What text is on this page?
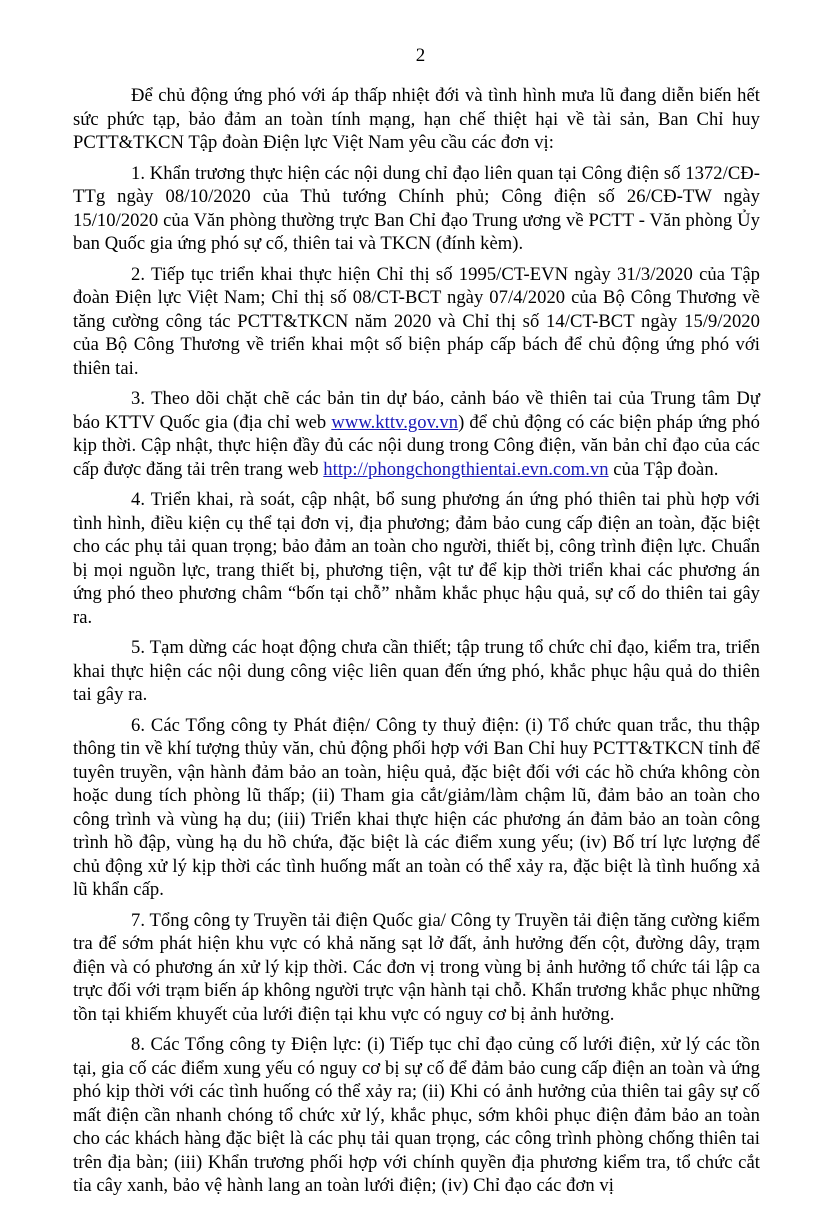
2

Để chủ động ứng phó với áp thấp nhiệt đới và tình hình mưa lũ đang diễn biến hết sức phức tạp, bảo đảm an toàn tính mạng, hạn chế thiệt hại về tài sản, Ban Chỉ huy PCTT&TKCN Tập đoàn Điện lực Việt Nam yêu cầu các đơn vị:

1. Khẩn trương thực hiện các nội dung chỉ đạo liên quan tại Công điện số 1372/CĐ-TTg ngày 08/10/2020 của Thủ tướng Chính phủ; Công điện số 26/CĐ-TW ngày 15/10/2020 của Văn phòng thường trực Ban Chỉ đạo Trung ương về PCTT - Văn phòng Ủy ban Quốc gia ứng phó sự cố, thiên tai và TKCN (đính kèm).

2. Tiếp tục triển khai thực hiện Chỉ thị số 1995/CT-EVN ngày 31/3/2020 của Tập đoàn Điện lực Việt Nam; Chỉ thị số 08/CT-BCT ngày 07/4/2020 của Bộ Công Thương về tăng cường công tác PCTT&TKCN năm 2020 và Chỉ thị số 14/CT-BCT ngày 15/9/2020 của Bộ Công Thương về triển khai một số biện pháp cấp bách để chủ động ứng phó với thiên tai.

3. Theo dõi chặt chẽ các bản tin dự báo, cảnh báo về thiên tai của Trung tâm Dự báo KTTV Quốc gia (địa chỉ web www.kttv.gov.vn) để chủ động có các biện pháp ứng phó kịp thời. Cập nhật, thực hiện đầy đủ các nội dung trong Công điện, văn bản chỉ đạo của các cấp được đăng tải trên trang web http://phongchongthientai.evn.com.vn của Tập đoàn.

4. Triển khai, rà soát, cập nhật, bổ sung phương án ứng phó thiên tai phù hợp với tình hình, điều kiện cụ thể tại đơn vị, địa phương; đảm bảo cung cấp điện an toàn, đặc biệt cho các phụ tải quan trọng; bảo đảm an toàn cho người, thiết bị, công trình điện lực. Chuẩn bị mọi nguồn lực, trang thiết bị, phương tiện, vật tư để kịp thời triển khai các phương án ứng phó theo phương châm “bốn tại chỗ” nhằm khắc phục hậu quả, sự cố do thiên tai gây ra.

5. Tạm dừng các hoạt động chưa cần thiết; tập trung tổ chức chỉ đạo, kiểm tra, triển khai thực hiện các nội dung công việc liên quan đến ứng phó, khắc phục hậu quả do thiên tai gây ra.

6. Các Tổng công ty Phát điện/ Công ty thuỷ điện: (i) Tổ chức quan trắc, thu thập thông tin về khí tượng thủy văn, chủ động phối hợp với Ban Chỉ huy PCTT&TKCN tỉnh để tuyên truyền, vận hành đảm bảo an toàn, hiệu quả, đặc biệt đối với các hồ chứa không còn hoặc dung tích phòng lũ thấp; (ii) Tham gia cắt/giảm/làm chậm lũ, đảm bảo an toàn cho công trình và vùng hạ du; (iii) Triển khai thực hiện các phương án đảm bảo an toàn công trình hồ đập, vùng hạ du hồ chứa, đặc biệt là các điểm xung yếu; (iv) Bố trí lực lượng để chủ động xử lý kịp thời các tình huống mất an toàn có thể xảy ra, đặc biệt là tình huống xả lũ khẩn cấp.

7. Tổng công ty Truyền tải điện Quốc gia/ Công ty Truyền tải điện tăng cường kiểm tra để sớm phát hiện khu vực có khả năng sạt lở đất, ảnh hưởng đến cột, đường dây, trạm điện và có phương án xử lý kịp thời. Các đơn vị trong vùng bị ảnh hưởng tổ chức tái lập ca trực đối với trạm biến áp không người trực vận hành tại chỗ. Khẩn trương khắc phục những tồn tại khiếm khuyết của lưới điện tại khu vực có nguy cơ bị ảnh hưởng.

8. Các Tổng công ty Điện lực: (i) Tiếp tục chỉ đạo củng cố lưới điện, xử lý các tồn tại, gia cố các điểm xung yếu có nguy cơ bị sự cố để đảm bảo cung cấp điện an toàn và ứng phó kịp thời với các tình huống có thể xảy ra; (ii) Khi có ảnh hưởng của thiên tai gây sự cố mất điện cần nhanh chóng tổ chức xử lý, khắc phục, sớm khôi phục điện đảm bảo an toàn cho các khách hàng đặc biệt là các phụ tải quan trọng, các công trình phòng chống thiên tai trên địa bàn; (iii) Khẩn trương phối hợp với chính quyền địa phương kiểm tra, tổ chức cắt tỉa cây xanh, bảo vệ hành lang an toàn lưới điện; (iv) Chỉ đạo các đơn vị
